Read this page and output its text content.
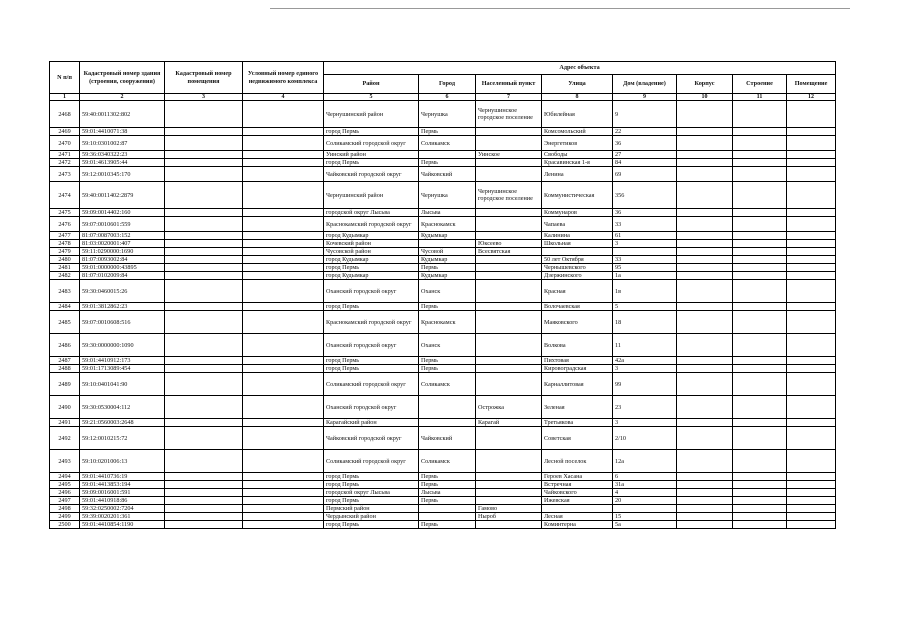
N п/п	Кадастровый номер здания (строения, сооружения)	Кадастровый номер помещения	Условный номер единого недвижимого комплекса	Адрес объекта							
				Район	Город	Населенный пункт	Улица	Дом (владение)	Корпус	Строение	Помещение
1	2	3	4	5	6	7	8	9	10	11	12
2468	59:40:0011302:802			Чернушинский район	Чернушка	Чернушинское городское поселение	Юбилейная	9			
2469	59:01:4410071:38			город Пермь	Пермь		Комсомольский	22			
2470	59:10:0301002:87			Соликамский городской округ	Соликамск		Энергетиков	36			
2471	59:36:0340322:23			Уинский район		Уинское	Свободы	27			
2472	59:01:4613905:44			город Пермь	Пермь		Красавинская 1-я	84			
2473	59:12:0010345:170			Чайковский городской округ	Чайковский		Ленина	69			
2474	59:40:0011402:2879			Чернушинский район	Чернушка	Чернушинское городское поселение	Коммунистическая	356			
2475	59:09:0014402:160			городской округ Лысьва	Лысьва		Коммунаров	36			
2476	59:07:0010601:559			Краснокамский городской округ	Краснокамск		Чапаева	33			
2477	81:07:0087003:152			город Кудымкар	Кудымкар		Калинина	61			
2478	81:03:0020001:407			Кочевский район		Юксеево	Школьная	3			
2479	59:11:0290000:1690			Чусовской район	Чусовой	Всесвятская					
2480	81:07:0093002:84			город Кудымкар	Кудымкар		50 лет Октября	33			
2481	59:01:0000000:43895			город Пермь	Пермь		Чернышевского	95			
2482	81:07:0102009:84			город Кудымкар	Кудымкар		Дзержинского	1а			
2483	59:30:0460015:26			Оханский городской округ	Оханск		Красная	1в			
2484	59:01:3812862:23			город Пермь	Пермь		Волочаевская	5			
2485	59:07:0010608:516			Краснокамский городской округ	Краснокамск		Маяковского	18			
2486	59:30:0000000:1090			Оханский городской округ	Оханск		Волкова	11			
2487	59:01:4410912:173			город Пермь	Пермь		Пихтовая	42а			
2488	59:01:1713089:454			город Пермь	Пермь		Кировоградская	3			
2489	59:10:0401041:90			Соликамский городской округ	Соликамск		Карналлитовая	99			
2490	59:30:0530004:112			Оханский городской округ		Острожка	Зеленая	23			
2491	59:21:0560003:2648			Карагайский район		Карагай	Третьякова	3			
2492	59:12:0010215:72			Чайковский городской округ	Чайковский		Советская	2/10			
2493	59:10:0201006:13			Соликамский городской округ	Соликамск		Лесной поселок	12а			
2494	59:01:4410736:19			город Пермь	Пермь		Героев Хасана	6			
2495	59:01:4413853:194			город Пермь	Пермь		Встречная	31а			
2496	59:09:0016001:591			городской округ Лысьва	Лысьва		Чайковского	4			
2497	59:01:4410918:86			город Пермь	Пермь		Ижевская	20			
2498	59:32:0250002:7204			Пермский район		Гамово					
2499	59:39:0020201:361			Чердынский район		Ныроб	Лесная	15			
2500	59:01:4410854:1190			город Пермь	Пермь		Коминтерна	5а			
